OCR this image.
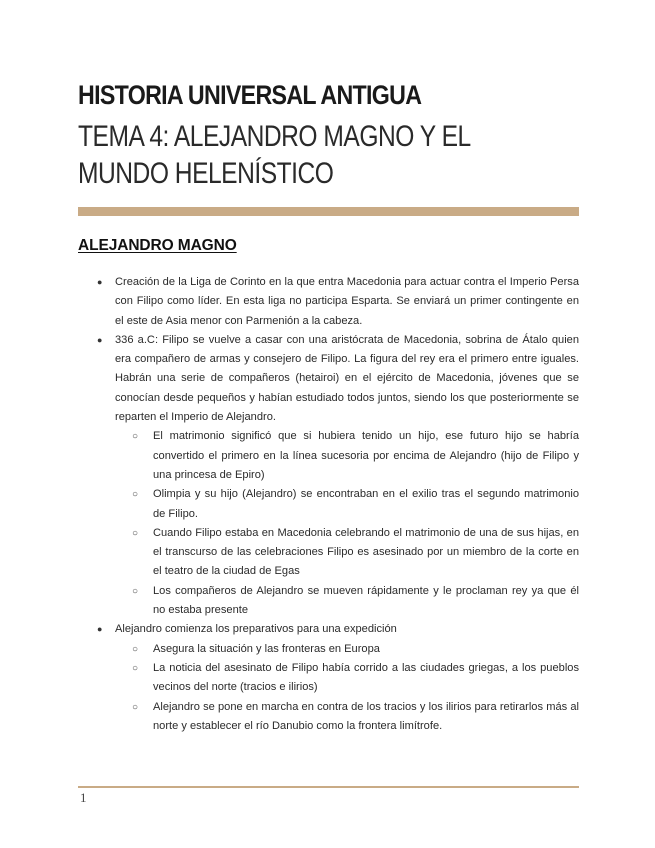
HISTORIA UNIVERSAL ANTIGUA
TEMA 4: ALEJANDRO MAGNO Y EL MUNDO HELENÍSTICO
ALEJANDRO MAGNO
● Creación de la Liga de Corinto en la que entra Macedonia para actuar contra el Imperio Persa con Filipo como líder. En esta liga no participa Esparta. Se enviará un primer contingente en el este de Asia menor con Parmenión a la cabeza.
● 336 a.C: Filipo se vuelve a casar con una aristócrata de Macedonia, sobrina de Átalo quien era compañero de armas y consejero de Filipo. La figura del rey era el primero entre iguales. Habrán una serie de compañeros (hetairoi) en el ejército de Macedonia, jóvenes que se conocían desde pequeños y habían estudiado todos juntos, siendo los que posteriormente se reparten el Imperio de Alejandro.
○ El matrimonio significó que si hubiera tenido un hijo, ese futuro hijo se habría convertido el primero en la línea sucesoria por encima de Alejandro (hijo de Filipo y una princesa de Epiro)
○ Olimpia y su hijo (Alejandro) se encontraban en el exilio tras el segundo matrimonio de Filipo.
○ Cuando Filipo estaba en Macedonia celebrando el matrimonio de una de sus hijas, en el transcurso de las celebraciones Filipo es asesinado por un miembro de la corte en el teatro de la ciudad de Egas
○ Los compañeros de Alejandro se mueven rápidamente y le proclaman rey ya que él no estaba presente
● Alejandro comienza los preparativos para una expedición
○ Asegura la situación y las fronteras en Europa
○ La noticia del asesinato de Filipo había corrido a las ciudades griegas, a los pueblos vecinos del norte (tracios e ilirios)
○ Alejandro se pone en marcha en contra de los tracios y los ilirios para retirarlos más al norte y establecer el río Danubio como la frontera limítrofe.
1
